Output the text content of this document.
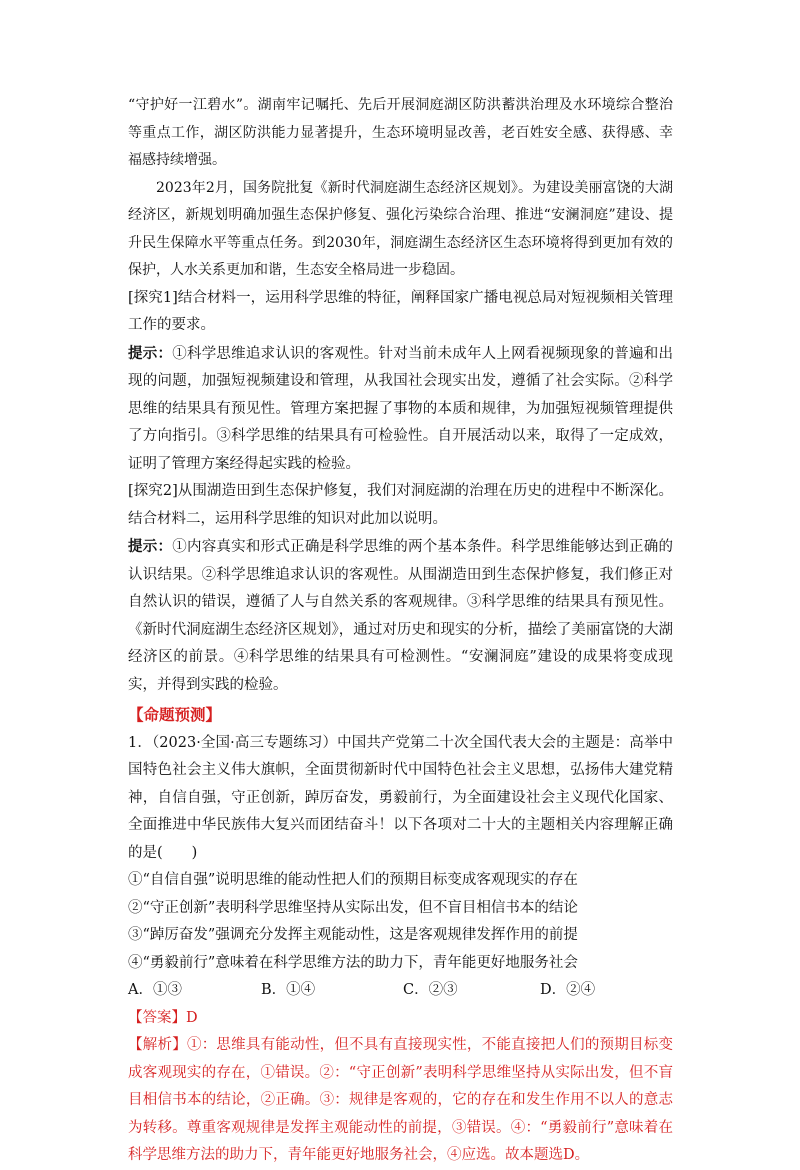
“守护好一江碧水”。湖南牢记嘱托、先后开展洞庭湖区防洪蓄洪治理及水环境综合整治等重点工作，湖区防洪能力显著提升，生态环境明显改善，老百姓安全感、获得感、幸福感持续增强。

2023年2月，国务院批复《新时代洞庭湖生态经济区规划》。为建设美丽富饶的大湖经济区，新规划明确加强生态保护修复、强化污染综合治理、推进“安澜洞庭”建设、提升民生保障水平等重点任务。到2030年，洞庭湖生态经济区生态环境将得到更加有效的保护，人水关系更加和谐，生态安全格局进一步稳固。

[探究1]结合材料一，运用科学思维的特征，阐释国家广播电视总局对短视频相关管理工作的要求。

提示：①科学思维追求认识的客观性。针对当前未成年人上网看视频现象的普遍和出现的问题，加强短视频建设和管理，从我国社会现实出发，遵循了社会实际。②科学思维的结果具有预见性。管理方案把握了事物的本质和规律，为加强短视频管理提供了方向指引。③科学思维的结果具有可检验性。自开展活动以来，取得了一定成效，证明了管理方案经得起实践的检验。

[探究2]从围湖造田到生态保护修复，我们对洞庭湖的治理在历史的进程中不断深化。结合材料二，运用科学思维的知识对此加以说明。

提示：①内容真实和形式正确是科学思维的两个基本条件。科学思维能够达到正确的认识结果。②科学思维追求认识的客观性。从围湖造田到生态保护修复，我们修正对自然认识的错误，遵循了人与自然关系的客观规律。③科学思维的结果具有预见性。《新时代洞庭湖生态经济区规划》，通过对历史和现实的分析，描绘了美丽富饶的大湖经济区的前景。④科学思维的结果具有可检测性。“安澜洞庭”建设的成果将变成现实，并得到实践的检验。

【命题预测】

1．（2023·全国·高三专题练习）中国共产党第二十次全国代表大会的主题是：高举中国特色社会主义伟大旗帜，全面贯彻新时代中国特色社会主义思想，弘扬伟大建党精神，自信自强，守正创新，踔厉奋发，勇毅前行，为全面建设社会主义现代化国家、全面推进中华民族伟大复兴而团结奋斗！以下各项对二十大的主题相关内容理解正确的是(　　)

①“自信自强”说明思维的能动性把人们的预期目标变成客观现实的存在

②“守正创新”表明科学思维坚持从实际出发，但不盲目相信书本的结论

③“踔厉奋发”强调充分发挥主观能动性，这是客观规律发挥作用的前提

④“勇毅前行”意味着在科学思维方法的助力下，青年能更好地服务社会

A．①③	B．①④	C．②③	D．②④

【答案】D

【解析】①：思维具有能动性，但不具有直接现实性，不能直接把人们的预期目标变成客观现实的存在，①错误。②：“守正创新”表明科学思维坚持从实际出发，但不盲目相信书本的结论，②正确。③：规律是客观的，它的存在和发生作用不以人的意志为转移。尊重客观规律是发挥主观能动性的前提，③错误。④：“勇毅前行”意味着在科学思维方法的助力下，青年能更好地服务社会，④应选。故本题选D。
